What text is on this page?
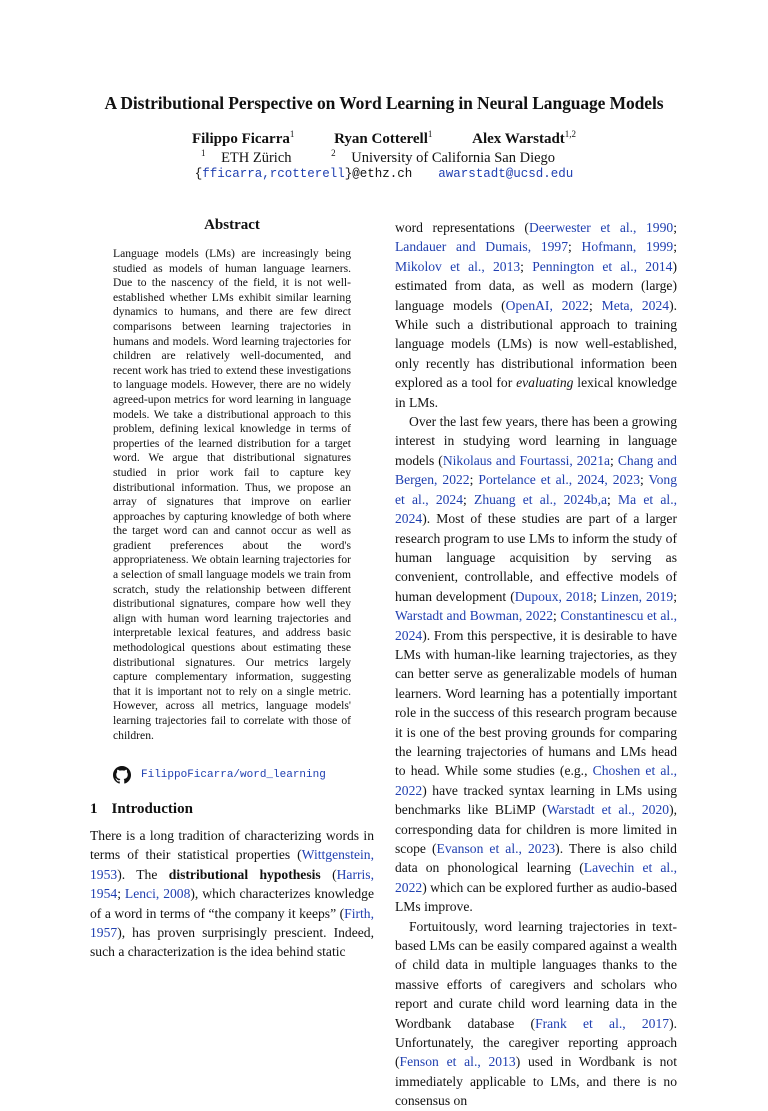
A Distributional Perspective on Word Learning in Neural Language Models
Filippo Ficarra$^1$	Ryan Cotterell$^1$	Alex Warstadt$^{1,2}$
$^1$ ETH Zürich	$^2$ University of California San Diego
{fficarra,rcotterell}@ethz.ch awarstadt@ucsd.edu
Abstract

Language models (LMs) are increasingly being studied as models of human language learners. Due to the nascency of the field, it is not well-established whether LMs exhibit similar learning dynamics to humans, and there are few direct comparisons between learning trajectories in humans and models. Word learning trajectories for children are relatively well-documented, and recent work has tried to extend these investigations to language models. However, there are no widely agreed-upon metrics for word learning in language models. We take a distributional approach to this problem, defining lexical knowledge in terms of properties of the learned distribution for a target word. We argue that distributional signatures studied in prior work fail to capture key distributional information. Thus, we propose an array of signatures that improve on earlier approaches by capturing knowledge of both where the target word can and cannot occur as well as gradient preferences about the word's appropriateness. We obtain learning trajectories for a selection of small language models we train from scratch, study the relationship between different distributional signatures, compare how well they align with human word learning trajectories and interpretable lexical features, and address basic methodological questions about estimating these distributional signatures. Our metrics largely capture complementary information, suggesting that it is important not to rely on a single metric. However, across all metrics, language models' learning trajectories fail to correlate with those of children.

FilippoFicarra/word_learning
1 Introduction

There is a long tradition of characterizing words in terms of their statistical properties (Wittgenstein, 1953). The distributional hypothesis (Harris, 1954; Lenci, 2008), which characterizes knowledge of a word in terms of “the company it keeps” (Firth, 1957), has proven surprisingly prescient. Indeed, such a characterization is the idea behind static

word representations (Deerwester et al., 1990; Landauer and Dumais, 1997; Hofmann, 1999; Mikolov et al., 2013; Pennington et al., 2014) estimated from data, as well as modern (large) language models (OpenAI, 2022; Meta, 2024). While such a distributional approach to training language models (LMs) is now well-established, only recently has distributional information been explored as a tool for evaluating lexical knowledge in LMs.

Over the last few years, there has been a growing interest in studying word learning in language models (Nikolaus and Fourtassi, 2021a; Chang and Bergen, 2022; Portelance et al., 2024, 2023; Vong et al., 2024; Zhuang et al., 2024b,a; Ma et al., 2024). Most of these studies are part of a larger research program to use LMs to inform the study of human language acquisition by serving as convenient, controllable, and effective models of human development (Dupoux, 2018; Linzen, 2019; Warstadt and Bowman, 2022; Constantinescu et al., 2024). From this perspective, it is desirable to have LMs with human-like learning trajectories, as they can better serve as generalizable models of human learners. Word learning has a potentially important role in the success of this research program because it is one of the best proving grounds for comparing the learning trajectories of humans and LMs head to head. While some studies (e.g., Choshen et al., 2022) have tracked syntax learning in LMs using benchmarks like BLiMP (Warstadt et al., 2020), corresponding data for children is more limited in scope (Evanson et al., 2023). There is also child data on phonological learning (Lavechin et al., 2022) which can be explored further as audio-based LMs improve.

Fortuitously, word learning trajectories in text-based LMs can be easily compared against a wealth of child data in multiple languages thanks to the massive efforts of caregivers and scholars who report and curate child word learning data in the Wordbank database (Frank et al., 2017). Unfortunately, the caregiver reporting approach (Fenson et al., 2013) used in Wordbank is not immediately applicable to LMs, and there is no consensus on
